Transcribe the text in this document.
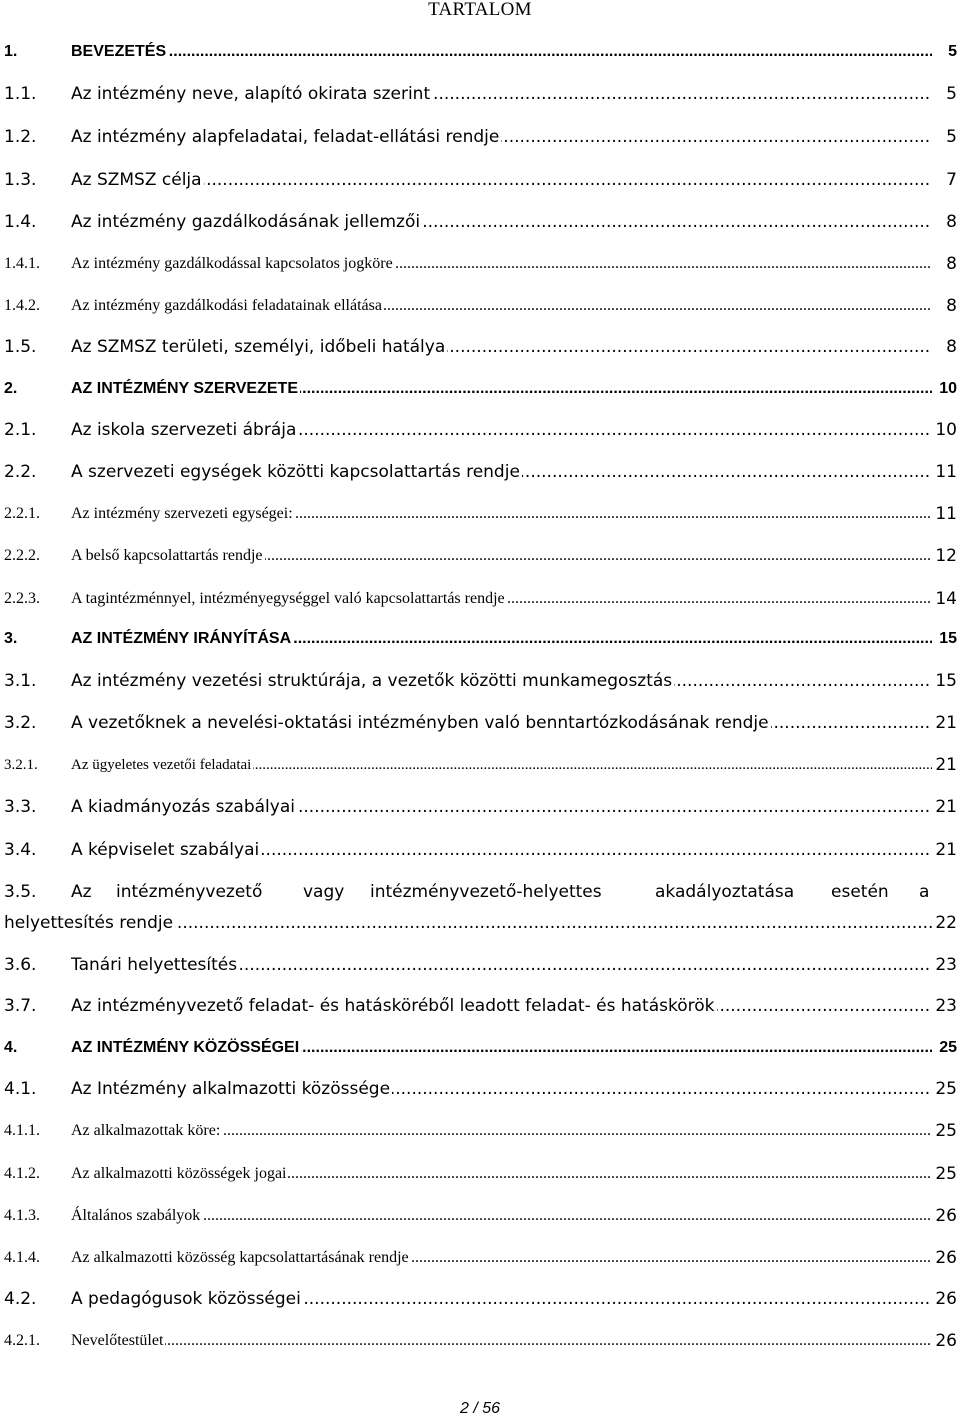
TARTALOM
1.	BEVEZETÉS .....	5
1.1. Az intézmény neve, alapító okirata szerint .....	5
1.2. Az intézmény alapfeladatai, feladat-ellátási rendje .....	5
1.3. Az SZMSZ célja .....	7
1.4. Az intézmény gazdálkodásának jellemzői .....	8
1.4.1. Az intézmény gazdálkodással kapcsolatos jogköre .....	8
1.4.2. Az intézmény gazdálkodási feladatainak ellátása .....	8
1.5. Az SZMSZ területi, személyi, időbeli hatálya .....	8
2.	AZ INTÉZMÉNY SZERVEZETE .....	10
2.1. Az iskola szervezeti ábrája .....	10
2.2. A szervezeti egységek közötti kapcsolattartás rendje .....	11
2.2.1. Az intézmény szervezeti egységei: .....	11
2.2.2. A belső kapcsolattartás rendje .....	12
2.2.3. A tagintézménnyel, intézményegységgel való kapcsolattartás rendje .....	14
3.	AZ INTÉZMÉNY IRÁNYÍTÁSA .....	15
3.1. Az intézmény vezetési struktúrája, a vezetők közötti munkamegosztás .....	15
3.2. A vezetőknek a nevelési-oktatási intézményben való benntartózkodásának rendje .....	21
3.2.1. Az ügyeletes vezetői feladatai .....	21
3.3. A kiadmányozás szabályai .....	21
3.4. A képviselet szabályai .....	21
3.5. Az intézményvezető vagy intézményvezető-helyettes	akadályoztatása esetén a
helyettesítés rendje .....	22
3.6. Tanári helyettesítés .....	23
3.7. Az intézményvezető feladat- és hatásköréből leadott feladat- és hatáskörök .....	23
4.	AZ INTÉZMÉNY KÖZÖSSÉGEI .....	25
4.1. Az Intézmény alkalmazotti közössége .....	25
4.1.1. Az alkalmazottak köre: .....	25
4.1.2. Az alkalmazotti közösségek jogai .....	25
4.1.3. Általános szabályok .....	26
4.1.4. Az alkalmazotti közösség kapcsolattartásának rendje .....	26
4.2. A pedagógusok közösségei .....	26
4.2.1. Nevelőtestület .....	26
2 / 56
